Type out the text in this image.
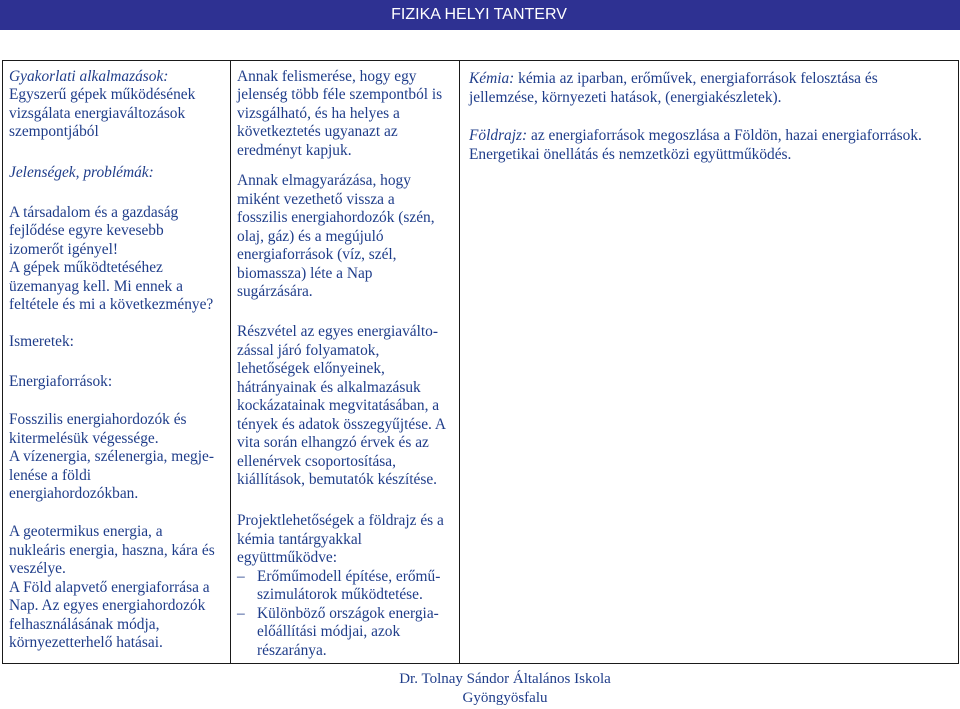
FIZIKA HELYI TANTERV
Gyakorlati alkalmazások:
Egyszerű gépek működésének
vizsgálata energiaváltozások
szempontjából
Jelenségek, problémák:
A társadalom és a gazdaság
fejlődése egyre kevesebb
izomerőt igényel!
A gépek működtetéséhez
üzemanyag kell. Mi ennek a
feltétele és mi a következménye?
Ismeretek:
Energiaforrások:
Fosszilis energiahordozók és
kitermelésük végessége.
A vízenergia, szélenergia, megje-
lenése a földi
energiahordozókban.
A geotermikus energia, a
nukleáris energia, haszna, kára és
veszélye.
A Föld alapvető energiaforrása a
Nap. Az egyes energiahordozók
felhasználásának módja,
környezetterhelő hatásai.
Annak felismerése, hogy egy
jelenség több féle szempontból is
vizsgálható, és ha helyes a
következtetés ugyanazt az
eredményt kapjuk.
Annak elmagyarázása, hogy
miként vezethető vissza a
fosszilis energiahordozók (szén,
olaj, gáz) és a megújuló
energiaforrások (víz, szél,
biomassza) léte a Nap
sugárzására.
Részvétel az egyes energiaválto-
zással járó folyamatok,
lehetőségek előnyeinek,
hátrányainak és alkalmazásuk
kockázatainak megvitatásában, a
tények és adatok összegyűjtése. A
vita során elhangzó érvek és az
ellenérvek csoportosítása,
kiállítások, bemutatók készítése.
Projektlehetőségek a földrajz és a
kémia tantárgyakkal
együttműködve:
– Erőműmodell építése, erőmű-
szimulátorok működtetése.
– Különböző országok energia-
előállítási módjai, azok
részaránya.
Kémia: kémia az iparban, erőművek, energiaforrások felosztása és
jellemzése, környezeti hatások, (energiakészletek).
Földrajz: az energiaforrások megoszlása a Földön, hazai energiaforrások.
Energetikai önellátás és nemzetközi együttműködés.
Dr. Tolnay Sándor Általános Iskola
Gyöngyösfalu
